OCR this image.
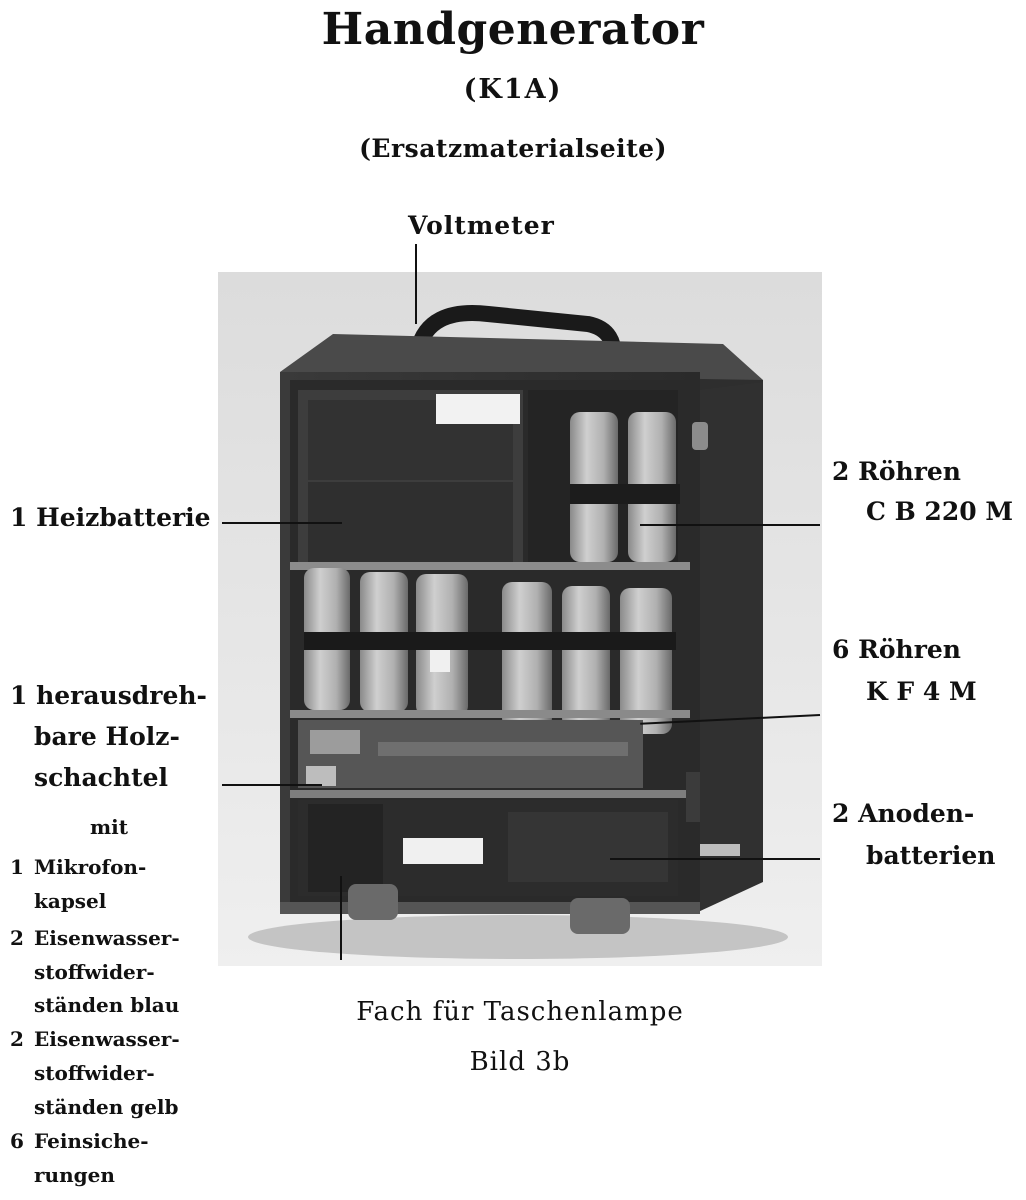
Handgenerator
(K1A)
(Ersatzmaterialseite)
Voltmeter
1 Heizbatterie
1 herausdreh-
bare Holz-
schachtel
mit
1 Mikrofon-
kapsel
2 Eisenwasser-
stoffwider-
ständen blau
2 Eisenwasser-
stoffwider-
ständen gelb
6 Feinsiche-
rungen
2 Röhren
C B 220 M
6 Röhren
K F 4 M
2 Anoden-
batterien
Fach für Taschenlampe
Bild 3b
